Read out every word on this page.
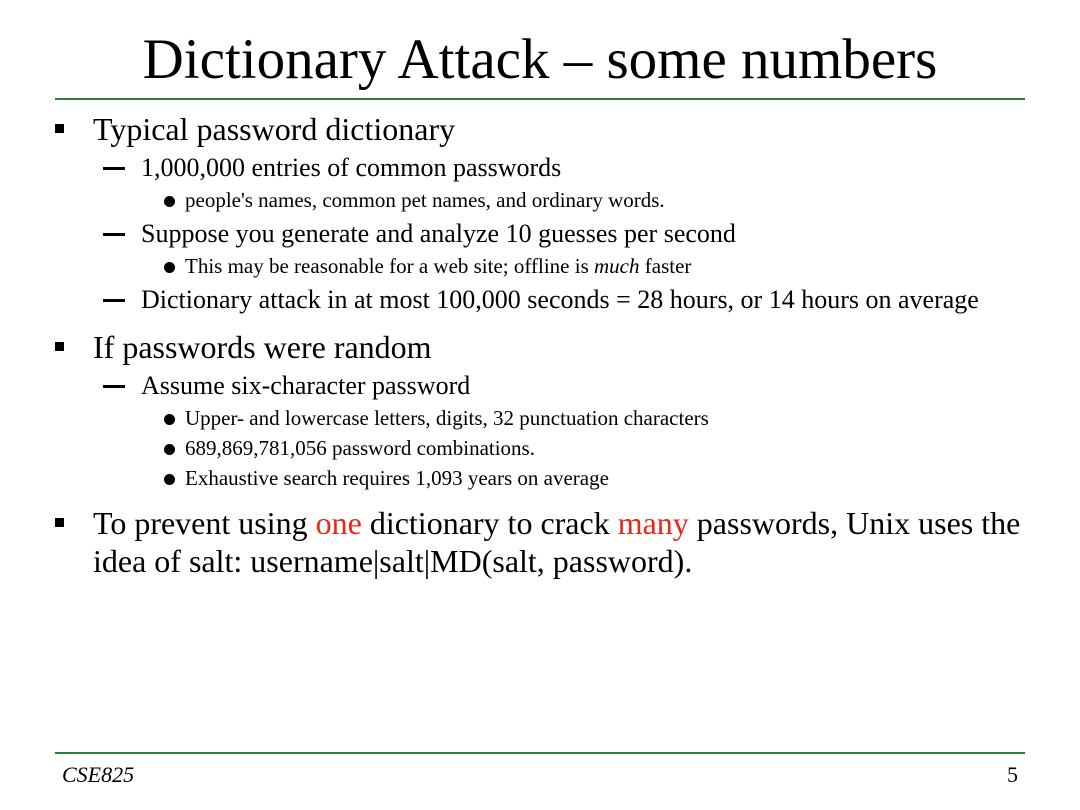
Dictionary Attack – some numbers
Typical password dictionary
1,000,000 entries of common passwords
people's names, common pet names, and ordinary words.
Suppose you generate and analyze 10 guesses per second
This may be reasonable for a web site; offline is much faster
Dictionary attack in at most 100,000 seconds = 28 hours, or 14 hours on average
If passwords were random
Assume six-character password
Upper- and lowercase letters, digits, 32 punctuation characters
689,869,781,056 password combinations.
Exhaustive search requires 1,093 years on average
To prevent using one dictionary to crack many passwords, Unix uses the idea of salt: username|salt|MD(salt, password).
CSE825	5
